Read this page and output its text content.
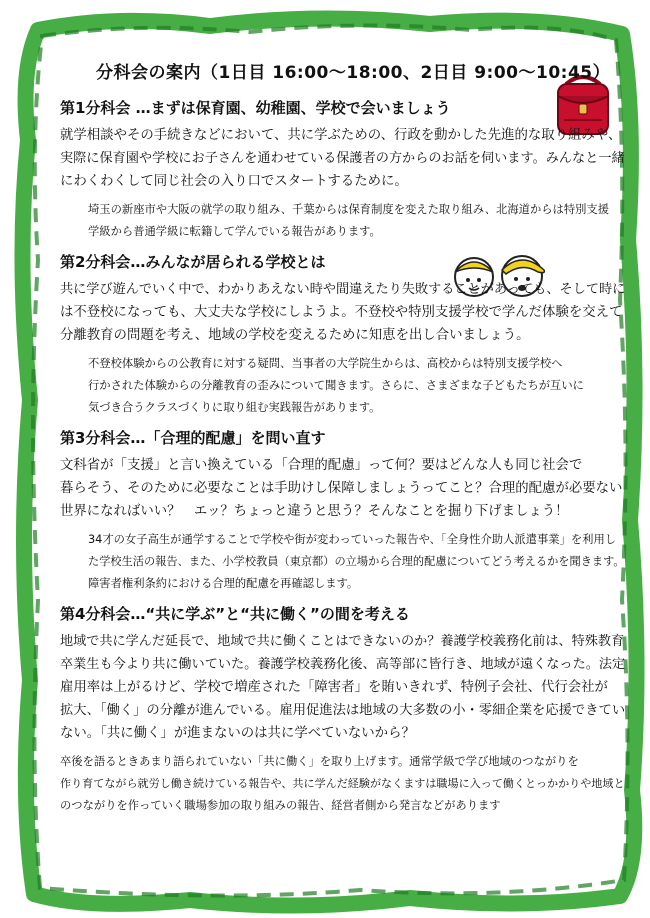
分科会の案内（1日目 16:00～18:00、2日目 9:00～10:45）
第1分科会 …まずは保育園、幼稚園、学校で会いましょう
就学相談やその手続きなどにおいて、共に学ぶための、行政を動かした先進的な取り組みや、
実際に保育園や学校にお子さんを通わせている保護者の方からのお話を伺います。みんなと一緒
にわくわくして同じ社会の入り口でスタートするために。
埼玉の新座市や大阪の就学の取り組み、千葉からは保育制度を変えた取り組み、北海道からは特別支援
学級から普通学級に転籍して学んでいる報告があります。
第2分科会…みんなが居られる学校とは
共に学び遊んでいく中で、わかりあえない時や間違えたり失敗することがあっても、そして時に
は不登校になっても、大丈夫な学校にしようよ。不登校や特別支援学校で学んだ体験を交えて
分離教育の問題を考え、地域の学校を変えるために知恵を出し合いましょう。
不登校体験からの公教育に対する疑問、当事者の大学院生からは、高校からは特別支援学校へ
行かされた体験からの分離教育の歪みについて聞きます。さらに、さまざまな子どもたちが互いに
気づき合うクラスづくりに取り組む実践報告があります。
第3分科会…「合理的配慮」を問い直す
文科省が「支援」と言い換えている「合理的配慮」って何？要はどんな人も同じ社会で
暮らそう、そのために必要なことは手助けし保障しましょうってこと？合理的配慮が必要ない
世界になればいい？　エッ？ちょっと違うと思う？そんなことを掘り下げましょう！
34才の女子高生が通学することで学校や街が変わっていった報告や、「全身性介助人派遣事業」を利用し
た学校生活の報告、また、小学校教員（東京都）の立場から合理的配慮についてどう考えるかを聞きます。
障害者権利条約における合理的配慮を再確認します。
第4分科会…“共に学ぶ”と“共に働く”の間を考える
地域で共に学んだ延長で、地域で共に働くことはできないのか？養護学校義務化前は、特殊教育
卒業生も今より共に働いていた。養護学校義務化後、高等部に皆行き、地域が遠くなった。法定
雇用率は上がるけど、学校で増産された「障害者」を賄いきれず、特例子会社、代行会社が
拡大、「働く」の分離が進んでいる。雇用促進法は地域の大多数の小・零細企業を応援できてい
ない。「共に働く」が進まないのは共に学べていないから？
卒後を語るときあまり語られていない「共に働く」を取り上げます。通常学級で学び地域のつながりを
作り育てながら就労し働き続けている報告や、共に学んだ経験がなくますは職場に入って働くとっかかりや地域と
のつながりを作っていく職場参加の取り組みの報告、経営者側から発言などがあります
